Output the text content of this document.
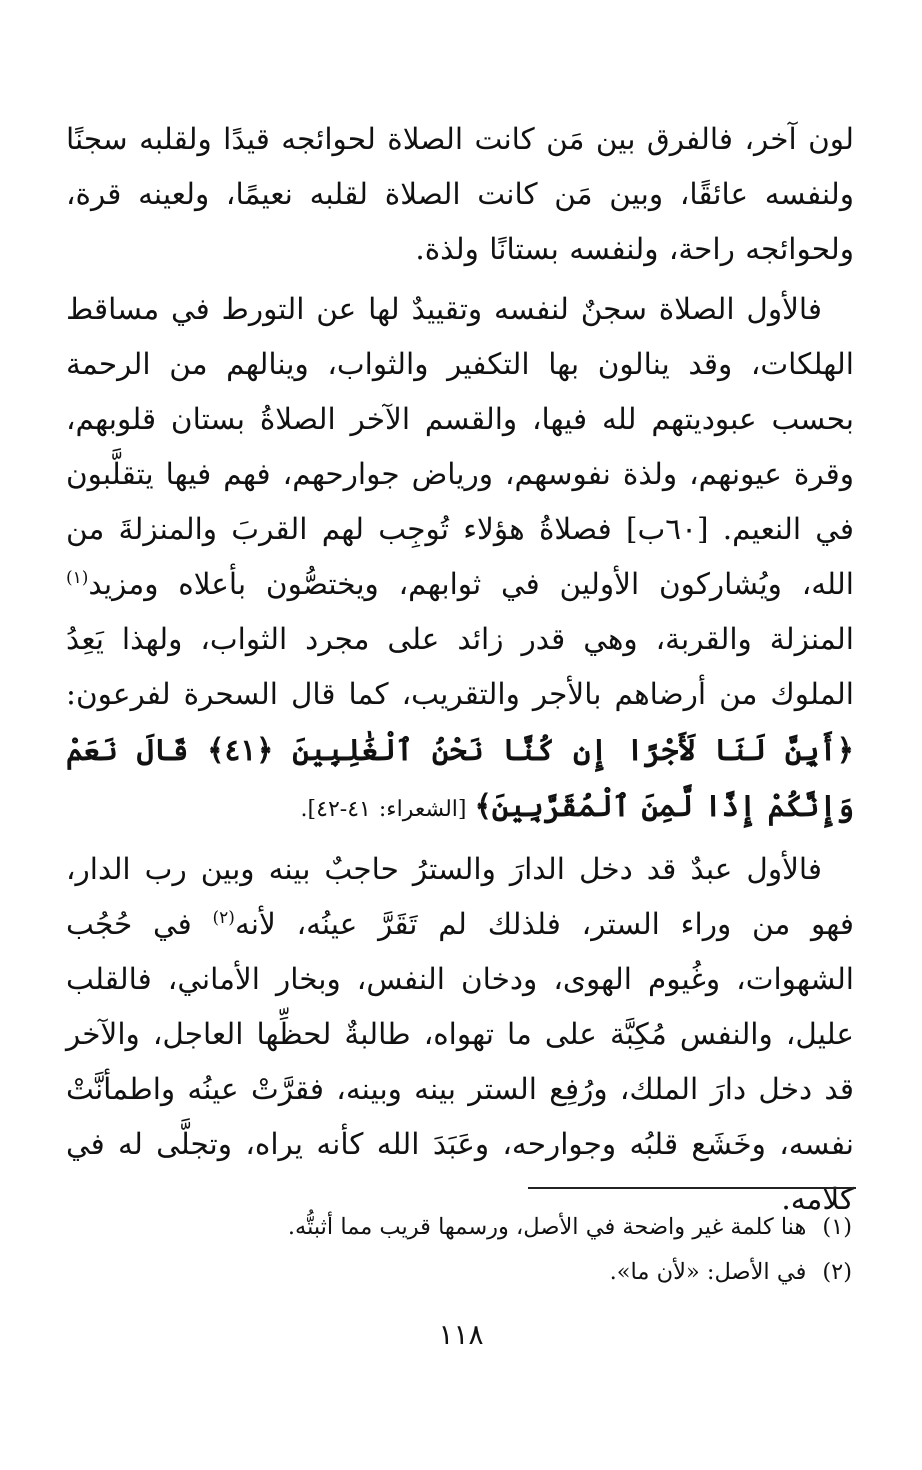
لون آخر، فالفرق بين مَن كانت الصلاة لحوائجه قيدًا ولقلبه سجنًا ولنفسه عائقًا، وبين مَن كانت الصلاة لقلبه نعيمًا، ولعينه قرة، ولحوائجه راحة، ولنفسه بستانًا ولذة.

فالأول الصلاة سجنٌ لنفسه وتقييدٌ لها عن التورط في مساقط الهلكات، وقد ينالون بها التكفير والثواب، وينالهم من الرحمة بحسب عبوديتهم لله فيها، والقسم الآخر الصلاةُ بستان قلوبهم، وقرة عيونهم، ولذة نفوسهم، ورياض جوارحهم، فهم فيها يتقلَّبون في النعيم. [٦٠ب] فصلاةُ هؤلاء تُوجِب لهم القربَ والمنزلةَ من الله، ويُشاركون الأولين في ثوابهم، ويختصُّون بأعلاه ومزيد$^{(١)}$ المنزلة والقربة، وهي قدر زائد على مجرد الثواب، ولهذا يَعِدُ الملوك من أرضاهم بالأجر والتقريب، كما قال السحرة لفرعون: ﴿أَيِنَّ لَنَا لَأَجْرًا إِن كُنَّا نَحْنُ ٱلْغَٰلِبِينَ ﴿٤١﴾ قَالَ نَعَمْ وَإِنَّكُمْ إِذًا لَّمِنَ ٱلْمُقَرَّبِينَ﴾ [الشعراء: ٤١-٤٢].

فالأول عبدٌ قد دخل الدارَ والسترُ حاجبٌ بينه وبين رب الدار، فهو من وراء الستر، فلذلك لم تَقَرَّ عينُه، لأنه$^{(٢)}$ في حُجُب الشهوات، وغُيوم الهوى، ودخان النفس، وبخار الأماني، فالقلب عليل، والنفس مُكِبَّة على ما تهواه، طالبةٌ لحظِّها العاجل، والآخر قد دخل دارَ الملك، ورُفِع الستر بينه وبينه، فقرَّتْ عينُه واطمأنَّتْ نفسه، وخَشَع قلبُه وجوارحه، وعَبَدَ الله كأنه يراه، وتجلَّى له في كلامه.

(١)هنا كلمة غير واضحة في الأصل، ورسمها قريب مما أثبتُّه.
(٢)في الأصل: «لأن ما».
١١٨
